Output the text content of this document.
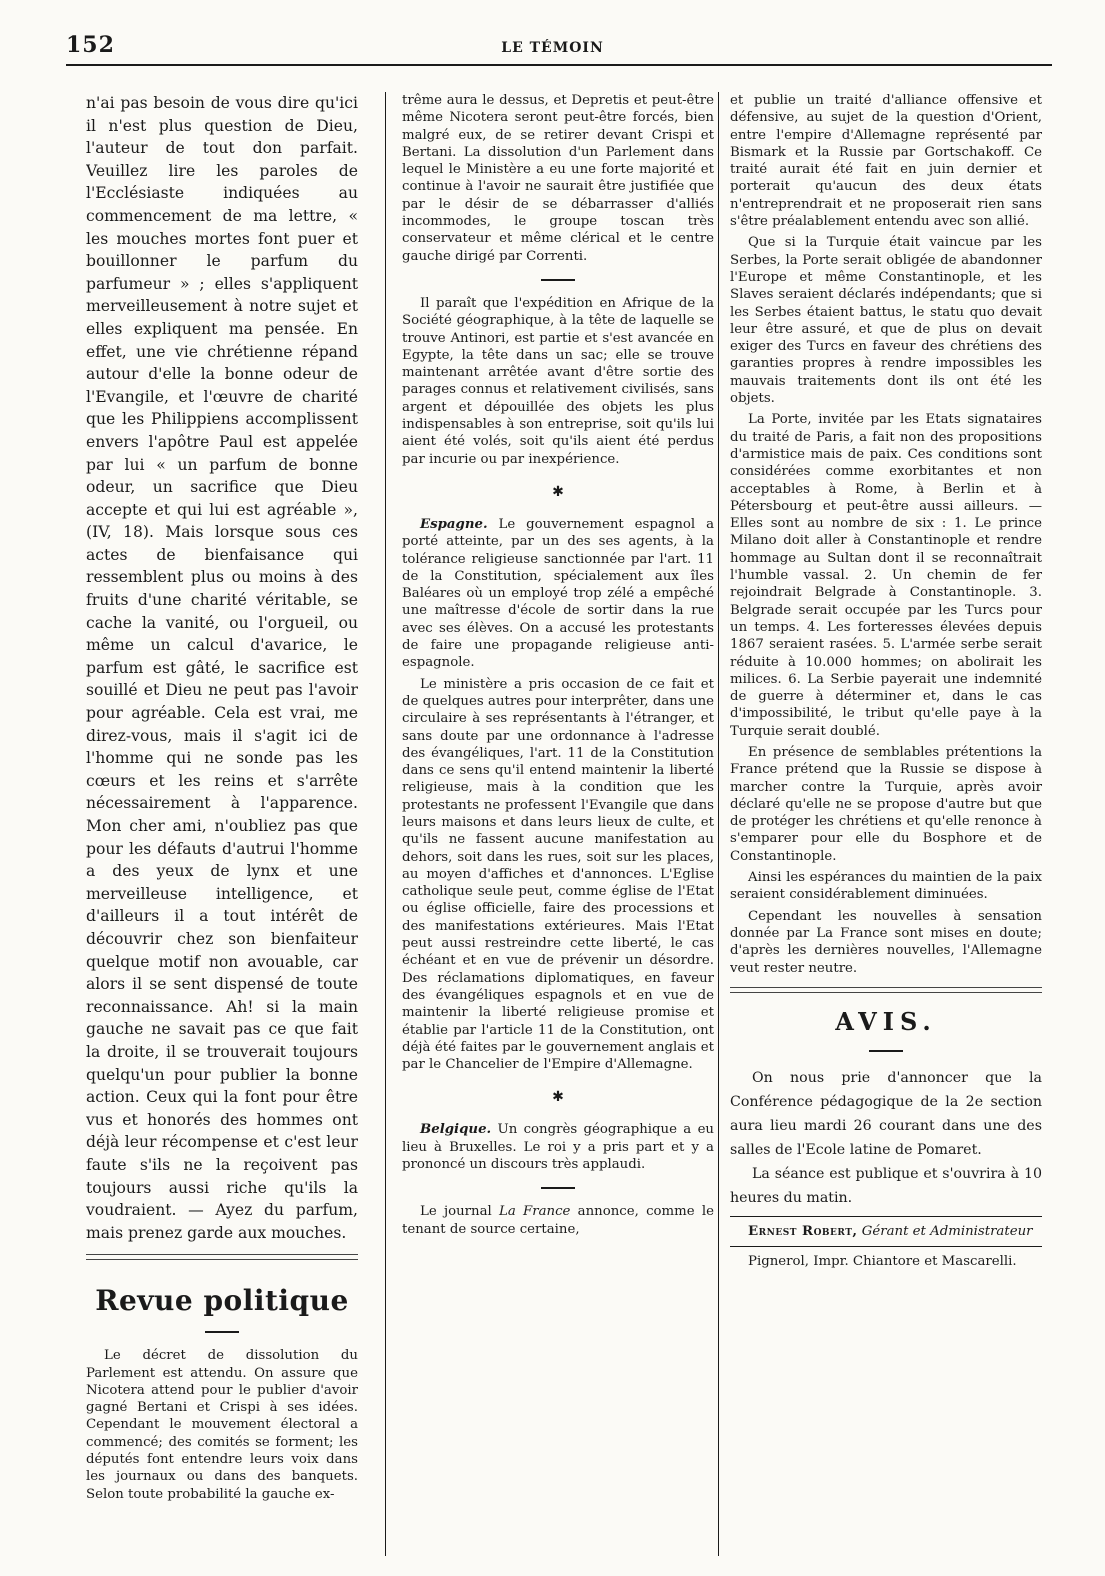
152	LE TÉMOIN

n'ai pas besoin de vous dire qu'ici il n'est plus question de Dieu, l'auteur de tout don parfait. Veuillez lire les paroles de l'Ecclésiaste indiquées au commencement de ma lettre, « les mouches mortes font puer et bouillonner le parfum du parfumeur » ; elles s'appliquent merveilleusement à notre sujet et elles expliquent ma pensée. En effet, une vie chrétienne répand autour d'elle la bonne odeur de l'Evangile, et l'œuvre de charité que les Philippiens accomplissent envers l'apôtre Paul est appelée par lui « un parfum de bonne odeur, un sacrifice que Dieu accepte et qui lui est agréable », (IV, 18). Mais lorsque sous ces actes de bienfaisance qui ressemblent plus ou moins à des fruits d'une charité véritable, se cache la vanité, ou l'orgueil, ou même un calcul d'avarice, le parfum est gâté, le sacrifice est souillé et Dieu ne peut pas l'avoir pour agréable. Cela est vrai, me direz-vous, mais il s'agit ici de l'homme qui ne sonde pas les cœurs et les reins et s'arrête nécessairement à l'apparence. Mon cher ami, n'oubliez pas que pour les défauts d'autrui l'homme a des yeux de lynx et une merveilleuse intelligence, et d'ailleurs il a tout intérêt de découvrir chez son bienfaiteur quelque motif non avouable, car alors il se sent dispensé de toute reconnaissance. Ah! si la main gauche ne savait pas ce que fait la droite, il se trouverait toujours quelqu'un pour publier la bonne action. Ceux qui la font pour être vus et honorés des hommes ont déjà leur récompense et c'est leur faute s'ils ne la reçoivent pas toujours aussi riche qu'ils la voudraient. — Ayez du parfum, mais prenez garde aux mouches.

Revue politique

Le décret de dissolution du Parlement est attendu. On assure que Nicotera attend pour le publier d'avoir gagné Bertani et Crispi à ses idées. Cependant le mouvement électoral a commencé; des comités se forment; les députés font entendre leurs voix dans les journaux ou dans des banquets. Selon toute probabilité la gauche ex-

trême aura le dessus, et Depretis et peut-être même Nicotera seront peut-être forcés, bien malgré eux, de se retirer devant Crispi et Bertani. La dissolution d'un Parlement dans lequel le Ministère a eu une forte majorité et continue à l'avoir ne saurait être justifiée que par le désir de se débarrasser d'alliés incommodes, le groupe toscan très conservateur et même clérical et le centre gauche dirigé par Correnti.

Il paraît que l'expédition en Afrique de la Société géographique, à la tête de laquelle se trouve Antinori, est partie et s'est avancée en Egypte, la tête dans un sac; elle se trouve maintenant arrêtée avant d'être sortie des parages connus et relativement civilisés, sans argent et dépouillée des objets les plus indispensables à son entreprise, soit qu'ils lui aient été volés, soit qu'ils aient été perdus par incurie ou par inexpérience.

✱

Espagne. Le gouvernement espagnol a porté atteinte, par un des ses agents, à la tolérance religieuse sanctionnée par l'art. 11 de la Constitution, spécialement aux îles Baléares où un employé trop zélé a empêché une maîtresse d'école de sortir dans la rue avec ses élèves. On a accusé les protestants de faire une propagande religieuse anti-espagnole.

Le ministère a pris occasion de ce fait et de quelques autres pour interprêter, dans une circulaire à ses représentants à l'étranger, et sans doute par une ordonnance à l'adresse des évangéliques, l'art. 11 de la Constitution dans ce sens qu'il entend maintenir la liberté religieuse, mais à la condition que les protestants ne professent l'Evangile que dans leurs maisons et dans leurs lieux de culte, et qu'ils ne fassent aucune manifestation au dehors, soit dans les rues, soit sur les places, au moyen d'affiches et d'annonces. L'Eglise catholique seule peut, comme église de l'Etat ou église officielle, faire des processions et des manifestations extérieures. Mais l'Etat peut aussi restreindre cette liberté, le cas échéant et en vue de prévenir un désordre. Des réclamations diplomatiques, en faveur des évangéliques espagnols et en vue de maintenir la liberté religieuse promise et établie par l'article 11 de la Constitution, ont déjà été faites par le gouvernement anglais et par le Chancelier de l'Empire d'Allemagne.

✱

Belgique. Un congrès géographique a eu lieu à Bruxelles. Le roi y a pris part et y a prononcé un discours très applaudi.

Le journal La France annonce, comme le tenant de source certaine,

et publie un traité d'alliance offensive et défensive, au sujet de la question d'Orient, entre l'empire d'Allemagne représenté par Bismark et la Russie par Gortschakoff. Ce traité aurait été fait en juin dernier et porterait qu'aucun des deux états n'entreprendrait et ne proposerait rien sans s'être préalablement entendu avec son allié.

Que si la Turquie était vaincue par les Serbes, la Porte serait obligée de abandonner l'Europe et même Constantinople, et les Slaves seraient déclarés indépendants; que si les Serbes étaient battus, le statu quo devait leur être assuré, et que de plus on devait exiger des Turcs en faveur des chrétiens des garanties propres à rendre impossibles les mauvais traitements dont ils ont été les objets.

La Porte, invitée par les Etats signataires du traité de Paris, a fait non des propositions d'armistice mais de paix. Ces conditions sont considérées comme exorbitantes et non acceptables à Rome, à Berlin et à Pétersbourg et peut-être aussi ailleurs. — Elles sont au nombre de six : 1. Le prince Milano doit aller à Constantinople et rendre hommage au Sultan dont il se reconnaîtrait l'humble vassal. 2. Un chemin de fer rejoindrait Belgrade à Constantinople. 3. Belgrade serait occupée par les Turcs pour un temps. 4. Les forteresses élevées depuis 1867 seraient rasées. 5. L'armée serbe serait réduite à 10.000 hommes; on abolirait les milices. 6. La Serbie payerait une indemnité de guerre à déterminer et, dans le cas d'impossibilité, le tribut qu'elle paye à la Turquie serait doublé.

En présence de semblables prétentions la France prétend que la Russie se dispose à marcher contre la Turquie, après avoir déclaré qu'elle ne se propose d'autre but que de protéger les chrétiens et qu'elle renonce à s'emparer pour elle du Bosphore et de Constantinople.

Ainsi les espérances du maintien de la paix seraient considérablement diminuées.

Cependant les nouvelles à sensation donnée par La France sont mises en doute; d'après les dernières nouvelles, l'Allemagne veut rester neutre.

AVIS.

On nous prie d'annoncer que la Conférence pédagogique de la 2e section aura lieu mardi 26 courant dans une des salles de l'Ecole latine de Pomaret.

La séance est publique et s'ouvrira à 10 heures du matin.

Ernest Robert, Gérant et Administrateur

Pignerol, Impr. Chiantore et Mascarelli.
